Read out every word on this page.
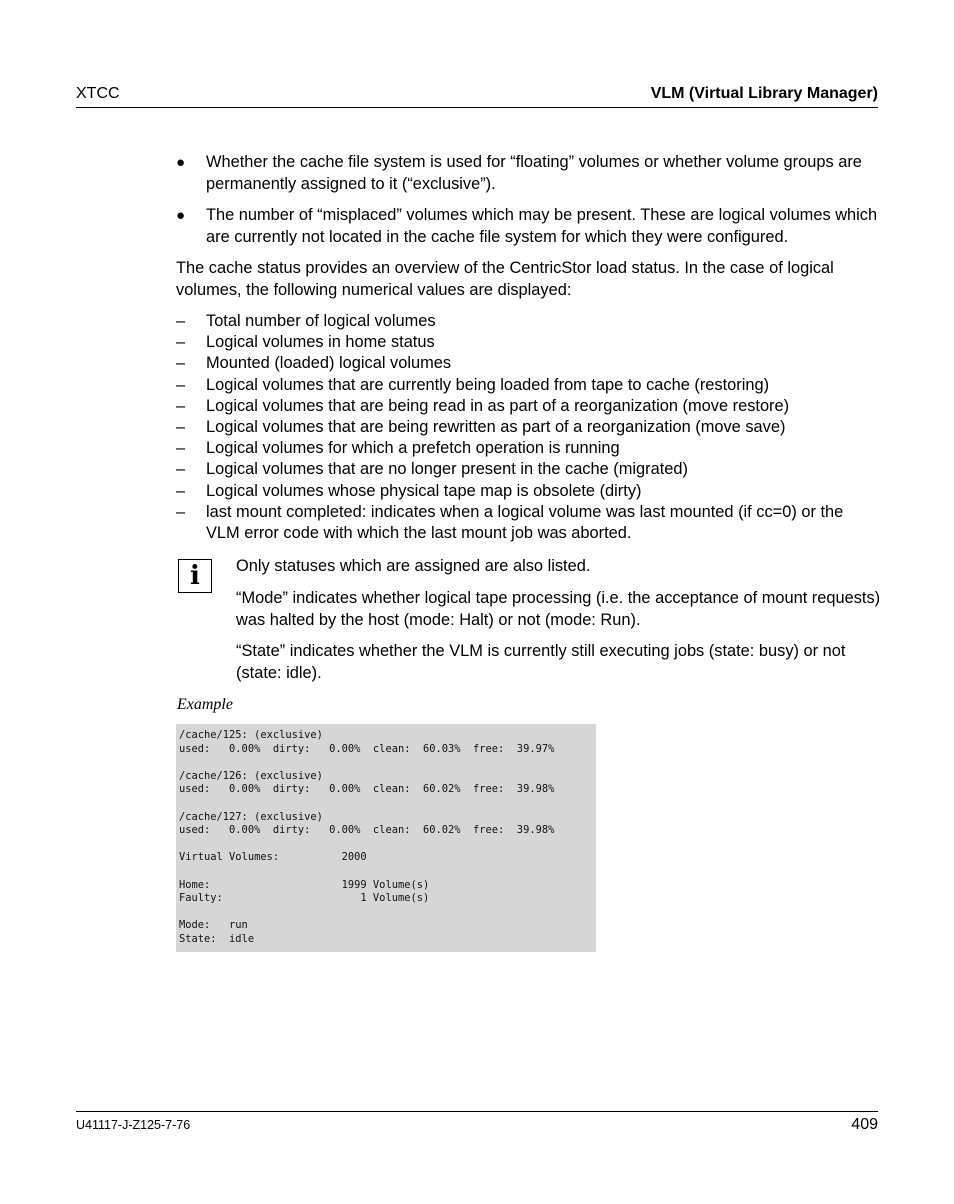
XTCC	VLM (Virtual Library Manager)
● Whether the cache file system is used for “floating” volumes or whether volume groups are permanently assigned to it (“exclusive”).
● The number of “misplaced” volumes which may be present. These are logical volumes which are currently not located in the cache file system for which they were configured.
The cache status provides an overview of the CentricStor load status. In the case of logical volumes, the following numerical values are displayed:
– Total number of logical volumes
– Logical volumes in home status
– Mounted (loaded) logical volumes
– Logical volumes that are currently being loaded from tape to cache (restoring)
– Logical volumes that are being read in as part of a reorganization (move restore)
– Logical volumes that are being rewritten as part of a reorganization (move save)
– Logical volumes for which a prefetch operation is running
– Logical volumes that are no longer present in the cache (migrated)
– Logical volumes whose physical tape map is obsolete (dirty)
– last mount completed: indicates when a logical volume was last mounted (if cc=0) or the VLM error code with which the last mount job was aborted.
i Only statuses which are assigned are also listed.
“Mode” indicates whether logical tape processing (i.e. the acceptance of mount requests) was halted by the host (mode: Halt) or not (mode: Run).
“State” indicates whether the VLM is currently still executing jobs (state: busy) or not (state: idle).
Example
/cache/125: (exclusive)
used:   0.00%  dirty:   0.00%  clean:  60.03%  free:  39.97%

/cache/126: (exclusive)
used:   0.00%  dirty:   0.00%  clean:  60.02%  free:  39.98%

/cache/127: (exclusive)
used:   0.00%  dirty:   0.00%  clean:  60.02%  free:  39.98%

Virtual Volumes:          2000

Home:                     1999 Volume(s)
Faulty:                      1 Volume(s)

Mode:   run
State:  idle
U41117-J-Z125-7-76	409
